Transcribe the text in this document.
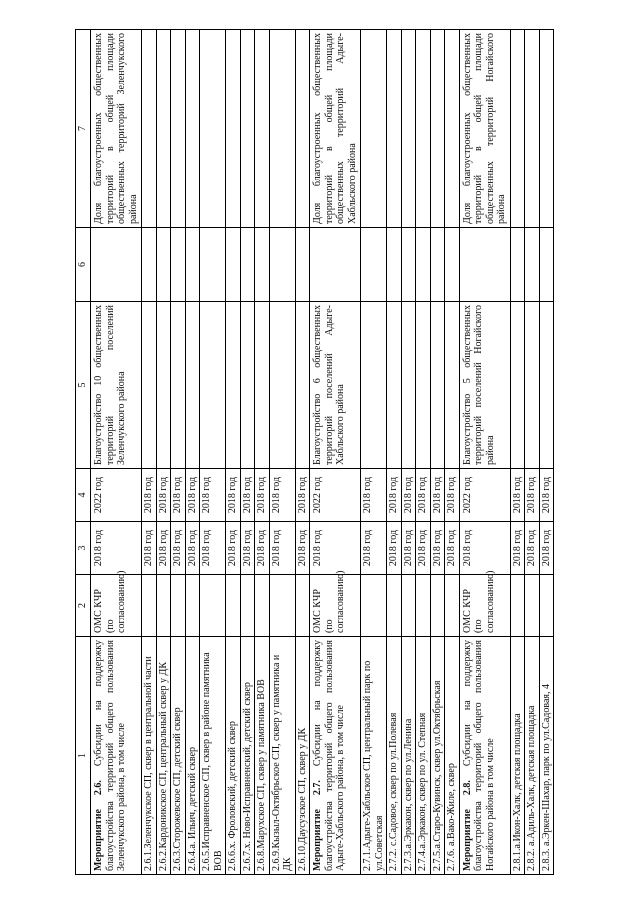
1	2	3	4	5	6	7
Мероприятие 2.6. Субсидии на поддержку благоустройства территорий общего пользования Зеленчукского района, в том числе	ОМС КЧР (по согласованию)	2018 год	2022 год	Благоустройство 10 общественных территорий поселений Зеленчукского района		Доля благоустроенных общественных территорий в общей площади общественных территорий Зеленчукского района
2.6.1.Зеленчукское СП, сквер в центральной части		2018 год	2018 год			
2.6.2.Кардоникское СП, центральный сквер у ДК		2018 год	2018 год			
2.6.3.Сторожевское СП, детский сквер		2018 год	2018 год			
2.6.4.а. Ильич, детский сквер		2018 год	2018 год			
2.6.5.Исправненское СП, сквер в районе памятника ВОВ		2018 год	2018 год			
2.6.6.х. Фроловский, детский сквер		2018 год	2018 год			
2.6.7.х. Ново-Исправненский, детский сквер		2018 год	2018 год			
2.6.8.Маруxское СП, сквер у памятника ВОВ		2018 год	2018 год			
2.6.9.Кызыл-Октябрьское СП, сквер у памятника и ДК		2018 год	2018 год			
2.6.10.Даусузское СП, сквер у ДК		2018 год	2018 год			
Мероприятие 2.7. Субсидии на поддержку благоустройства территорий общего пользования Адыге-Хабльского района, в том числе	ОМС КЧР (по согласованию)	2018 год	2022 год	Благоустройство 6 общественных территорий поселений Адыге-Хабльского района		Доля благоустроенных общественных территорий в общей площади общественных территорий Адыге-Хабльского района
2.7.1.Адыге-Хабльское СП, центральный парк по ул.Советская		2018 год	2018 год			
2.7.2. с.Садовое, сквер по ул.Полевая		2018 год	2018 год			
2.7.3.а.Эркакон, сквер по ул.Ленина		2018 год	2018 год			
2.7.4.а.Эркакон, сквер по ул. Степная		2018 год	2018 год			
2.7.5.а.Старо-Кувинск, сквер ул.Октябрьская		2018 год	2018 год			
2.7.6. а.Вако-Жиле, сквер		2018 год	2018 год			
Мероприятие 2.8. Субсидии на поддержку благоустройства территорий общего пользования Ногайского района в том числе	ОМС КЧР (по согласованию)	2018 год	2022 год	Благоустройство 5 общественных территорий поселений Ногайского района		Доля благоустроенных общественных территорий в общей площади общественных территорий Ногайского района
2.8.1.а.Икон-Халк, детская площадка		2018 год	2018 год			
2.8.2. а.Адиль-Халк, детская площадка		2018 год	2018 год			
2.8.3. а.Эркен-Шахар, парк по ул.Садовая, 4		2018 год	2018 год			
